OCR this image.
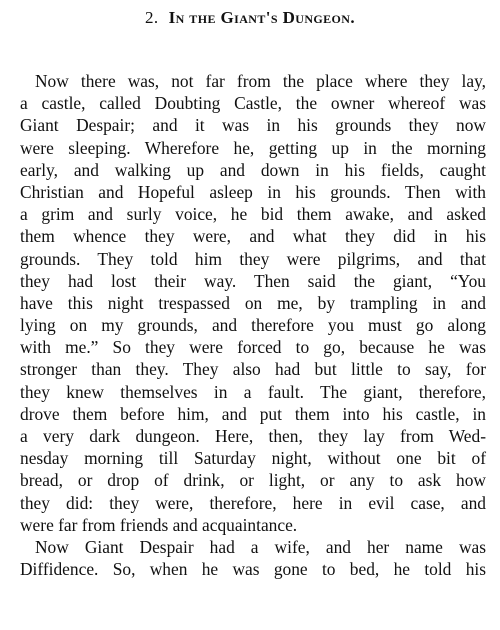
2. In the Giant's Dungeon.
Now there was, not far from the place where they lay,
a castle, called Doubting Castle, the owner whereof was
Giant Despair; and it was in his grounds they now
were sleeping. Wherefore he, getting up in the morning
early, and walking up and down in his fields, caught
Christian and Hopeful asleep in his grounds. Then with
a grim and surly voice, he bid them awake, and asked
them whence they were, and what they did in his
grounds. They told him they were pilgrims, and that
they had lost their way. Then said the giant, “You
have this night trespassed on me, by trampling in and
lying on my grounds, and therefore you must go along
with me.” So they were forced to go, because he was
stronger than they. They also had but little to say, for
they knew themselves in a fault. The giant, therefore,
drove them before him, and put them into his castle, in
a very dark dungeon. Here, then, they lay from Wed-
nesday morning till Saturday night, without one bit of
bread, or drop of drink, or light, or any to ask how
they did: they were, therefore, here in evil case, and
were far from friends and acquaintance.
Now Giant Despair had a wife, and her name was
Diffidence. So, when he was gone to bed, he told his
